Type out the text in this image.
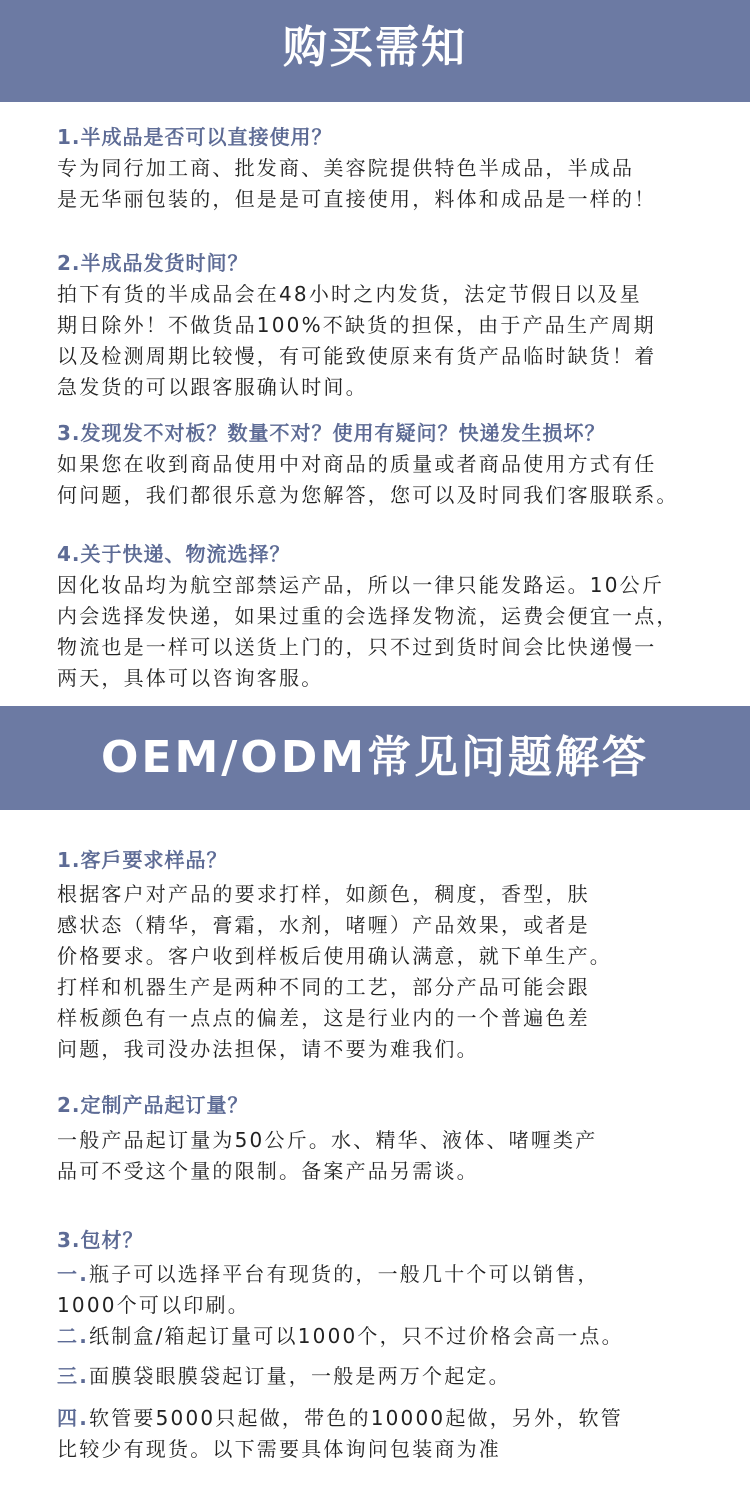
购买需知
1.半成品是否可以直接使用？
专为同行加工商、批发商、美容院提供特色半成品，半成品
是无华丽包装的，但是是可直接使用，料体和成品是一样的！
2.半成品发货时间？
拍下有货的半成品会在48小时之内发货，法定节假日以及星
期日除外！不做货品100%不缺货的担保，由于产品生产周期
以及检测周期比较慢，有可能致使原来有货产品临时缺货！着
急发货的可以跟客服确认时间。
3.发现发不对板？数量不对？使用有疑问？快递发生损坏？
如果您在收到商品使用中对商品的质量或者商品使用方式有任
何问题，我们都很乐意为您解答，您可以及时同我们客服联系。
4.关于快递、物流选择？
因化妆品均为航空部禁运产品，所以一律只能发路运。10公斤
内会选择发快递，如果过重的会选择发物流，运费会便宜一点，
物流也是一样可以送货上门的，只不过到货时间会比快递慢一
两天，具体可以咨询客服。
OEM/ODM常见问题解答
1.客戶要求样品？
根据客户对产品的要求打样，如颜色，稠度，香型，肤
感状态（精华，膏霜，水剂，啫喱）产品效果，或者是
价格要求。客户收到样板后使用确认满意，就下单生产。
打样和机器生产是两种不同的工艺，部分产品可能会跟
样板颜色有一点点的偏差，这是行业内的一个普遍色差
问题，我司没办法担保，请不要为难我们。
2.定制产品起订量？
一般产品起订量为50公斤。水、精华、液体、啫喱类产
品可不受这个量的限制。备案产品另需谈。
3.包材？
一.瓶子可以选择平台有现货的，一般几十个可以销售，
1000个可以印刷。
二.纸制盒/箱起订量可以1000个，只不过价格会高一点。
三.面膜袋眼膜袋起订量，一般是两万个起定。
四.软管要5000只起做，带色的10000起做，另外，软管
比较少有现货。以下需要具体询问包装商为准
